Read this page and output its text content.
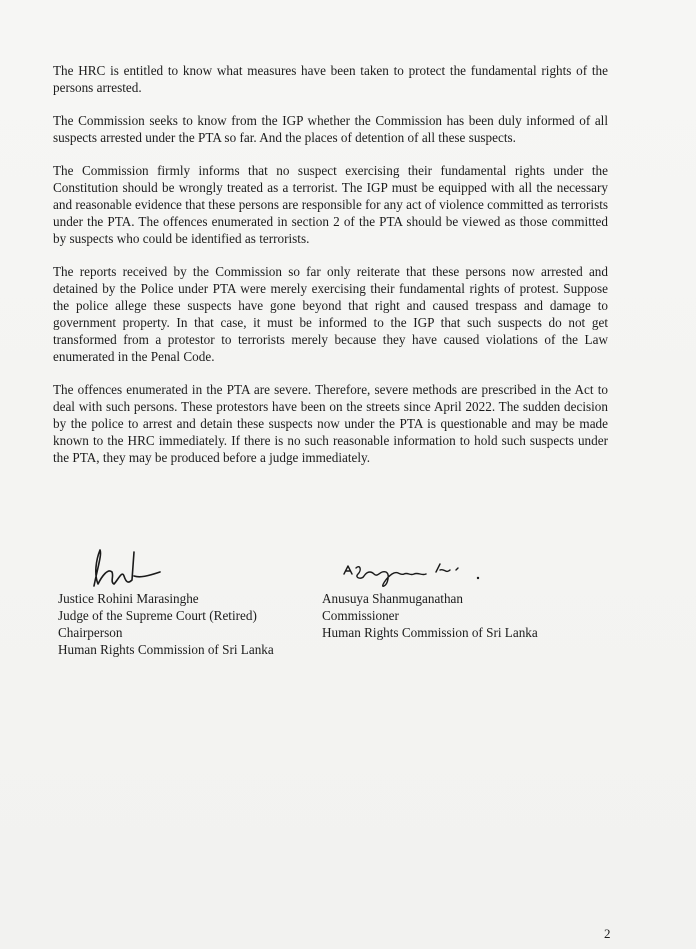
The HRC is entitled to know what measures have been taken to protect the fundamental rights of the persons arrested.

The Commission seeks to know from the IGP whether the Commission has been duly informed of all suspects arrested under the PTA so far. And the places of detention of all these suspects.

The Commission firmly informs that no suspect exercising their fundamental rights under the Constitution should be wrongly treated as a terrorist. The IGP must be equipped with all the necessary and reasonable evidence that these persons are responsible for any act of violence committed as terrorists under the PTA. The offences enumerated in section 2 of the PTA should be viewed as those committed by suspects who could be identified as terrorists.

The reports received by the Commission so far only reiterate that these persons now arrested and detained by the Police under PTA were merely exercising their fundamental rights of protest. Suppose the police allege these suspects have gone beyond that right and caused trespass and damage to government property. In that case, it must be informed to the IGP that such suspects do not get transformed from a protestor to terrorists merely because they have caused violations of the Law enumerated in the Penal Code.

The offences enumerated in the PTA are severe. Therefore, severe methods are prescribed in the Act to deal with such persons. These protestors have been on the streets since April 2022. The sudden decision by the police to arrest and detain these suspects now under the PTA is questionable and may be made known to the HRC immediately. If there is no such reasonable information to hold such suspects under the PTA, they may be produced before a judge immediately.

Justice Rohini Marasinghe
Judge of the Supreme Court (Retired)
Chairperson
Human Rights Commission of Sri Lanka
Anusuya Shanmuganathan
Commissioner
Human Rights Commission of Sri Lanka
2
